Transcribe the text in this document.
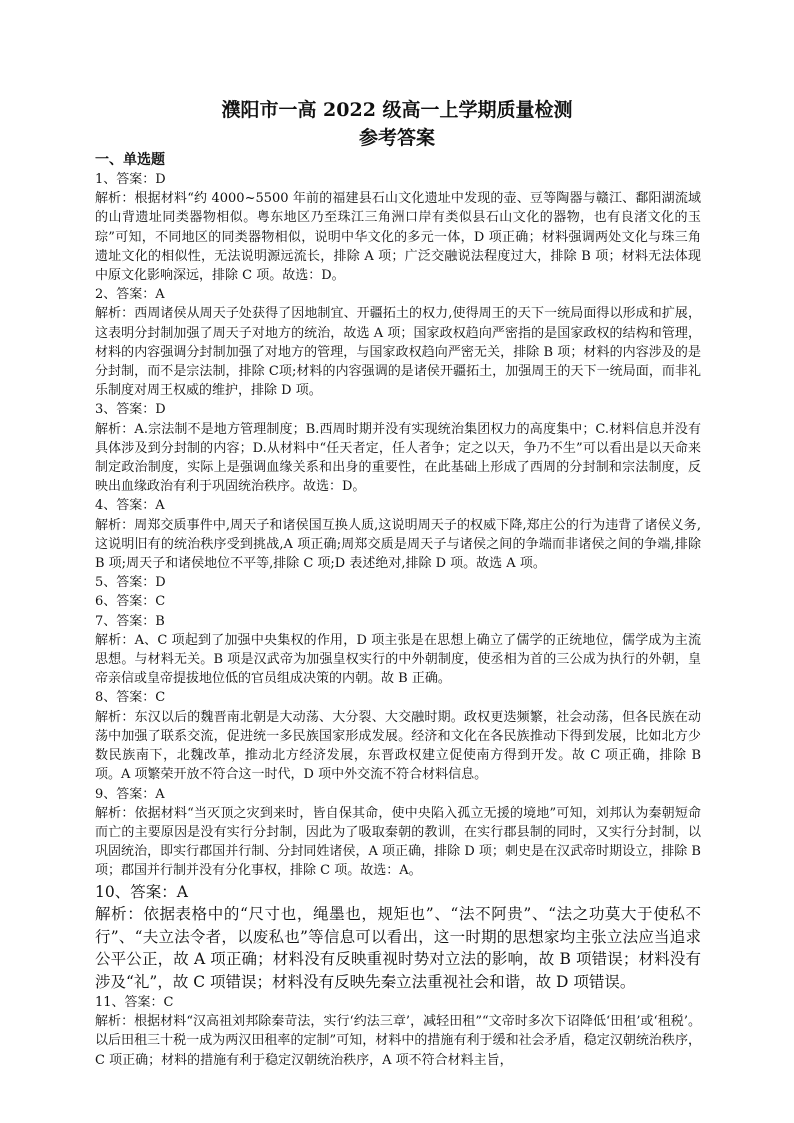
濮阳市一高 2022 级高一上学期质量检测
参考答案
一、单选题

1、答案：D

解析：根据材料“约 4000~5500 年前的福建县石山文化遗址中发现的壶、豆等陶器与赣江、鄱阳湖流域的山背遗址同类器物相似。粤东地区乃至珠江三角洲口岸有类似县石山文化的器物，也有良渚文化的玉琮”可知，不同地区的同类器物相似，说明中华文化的多元一体，D 项正确；材料强调两处文化与珠三角遗址文化的相似性，无法说明源远流长，排除 A 项；广泛交融说法程度过大，排除 B 项；材料无法体现中原文化影响深远，排除 C 项。故选：D。

2、答案：A

解析：西周诸侯从周天子处获得了因地制宜、开疆拓土的权力,使得周王的天下一统局面得以形成和扩展，这表明分封制加强了周天子对地方的统治，故选 A 项；国家政权趋向严密指的是国家政权的结构和管理，材料的内容强调分封制加强了对地方的管理，与国家政权趋向严密无关，排除 B 项；材料的内容涉及的是分封制，而不是宗法制，排除 C项;材料的内容强调的是诸侯开疆拓土，加强周王的天下一统局面，而非礼乐制度对周王权威的维护，排除 D 项。

3、答案：D

解析：A.宗法制不是地方管理制度；B.西周时期并没有实现统治集团权力的高度集中；C.材料信息并没有具体涉及到分封制的内容；D.从材料中“任天者定，任人者争；定之以天，争乃不生”可以看出是以天命来制定政治制度，实际上是强调血缘关系和出身的重要性，在此基础上形成了西周的分封制和宗法制度，反映出血缘政治有利于巩固统治秩序。故选：D。

4、答案：A

解析：周郑交质事件中,周天子和诸侯国互换人质,这说明周天子的权威下降,郑庄公的行为违背了诸侯义务,这说明旧有的统治秩序受到挑战,A 项正确;周郑交质是周天子与诸侯之间的争端而非诸侯之间的争端,排除 B 项;周天子和诸侯地位不平等,排除 C 项;D 表述绝对,排除 D 项。故选 A 项。

5、答案：D

6、答案：C

7、答案：B

解析：A、C 项起到了加强中央集权的作用，D 项主张是在思想上确立了儒学的正统地位，儒学成为主流思想。与材料无关。B 项是汉武帝为加强皇权实行的中外朝制度，使丞相为首的三公成为执行的外朝，皇帝亲信或皇帝提拔地位低的官员组成决策的内朝。故 B 正确。

8、答案：C

解析：东汉以后的魏晋南北朝是大动荡、大分裂、大交融时期。政权更迭频繁，社会动荡，但各民族在动荡中加强了联系交流，促进统一多民族国家形成发展。经济和文化在各民族推动下得到发展，比如北方少数民族南下，北魏改革，推动北方经济发展，东晋政权建立促使南方得到开发。故 C 项正确，排除 B 项。A 项繁荣开放不符合这一时代，D 项中外交流不符合材料信息。

9、答案：A

解析：依据材料“当灭顶之灾到来时，皆自保其命，使中央陷入孤立无援的境地”可知，刘邦认为秦朝短命而亡的主要原因是没有实行分封制，因此为了吸取秦朝的教训，在实行郡县制的同时，又实行分封制，以巩固统治，即实行郡国并行制、分封同姓诸侯，A 项正确，排除 D 项；刺史是在汉武帝时期设立，排除 B 项；郡国并行制并没有分化事权，排除 C 项。故选：A。

10、答案：A

解析：依据表格中的“尺寸也，绳墨也，规矩也”、“法不阿贵”、“法之功莫大于使私不行”、“夫立法令者，以废私也”等信息可以看出，这一时期的思想家均主张立法应当追求公平公正，故 A 项正确；材料没有反映重视时势对立法的影响，故 B 项错误；材料没有涉及“礼”，故 C 项错误；材料没有反映先秦立法重视社会和谐，故 D 项错误。

11、答案：C

解析：根据材料“汉高祖刘邦除秦苛法，实行‘约法三章’，减轻田租”“文帝时多次下诏降低‘田租’或‘租税’。以后田租三十税一成为两汉田租率的定制”可知，材料中的措施有利于缓和社会矛盾，稳定汉朝统治秩序，C 项正确；材料的措施有利于稳定汉朝统治秩序，A 项不符合材料主旨，
